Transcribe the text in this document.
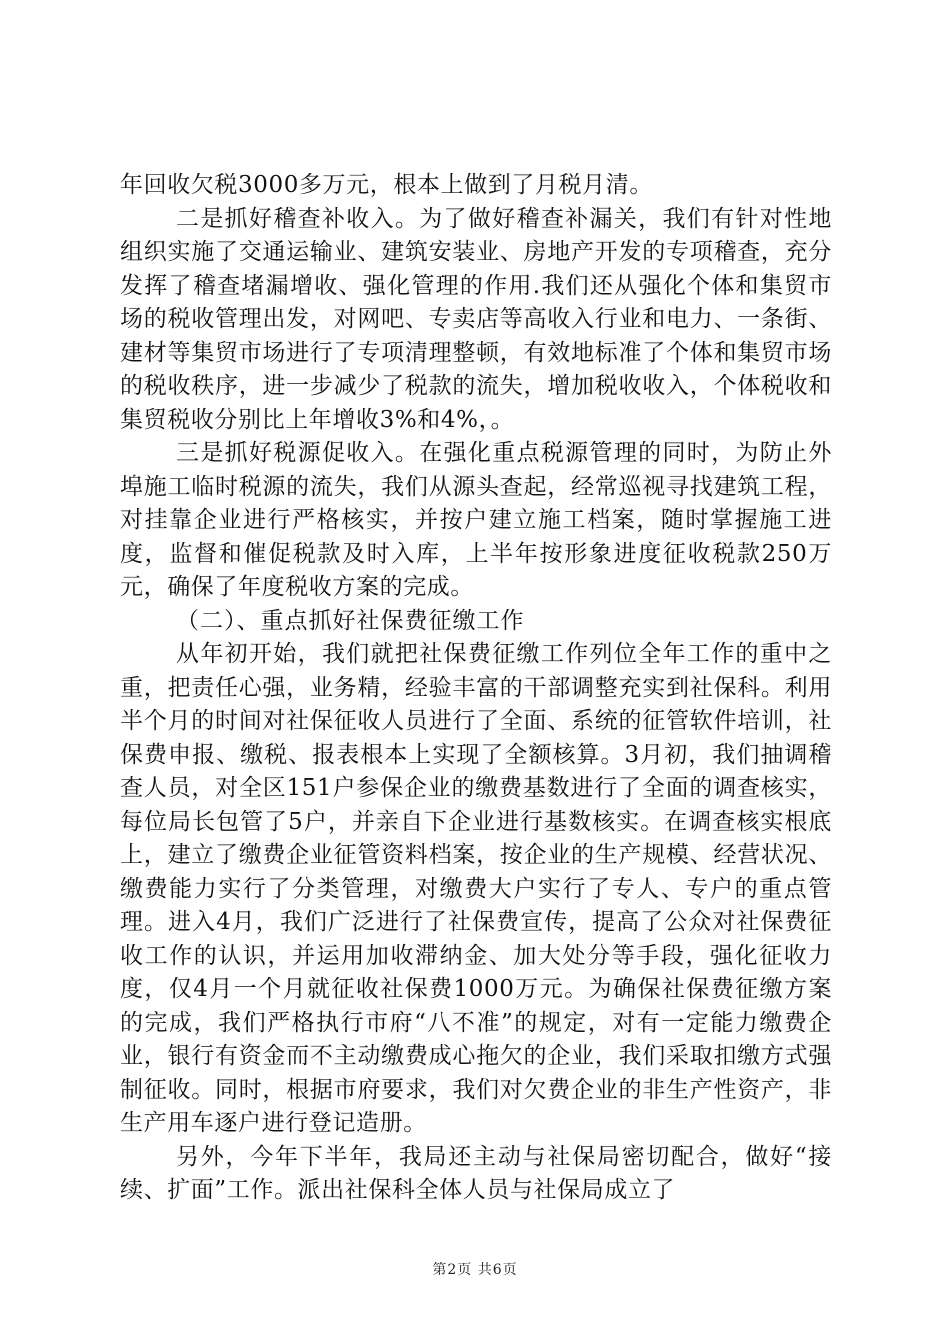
年回收欠税3000多万元，根本上做到了月税月清。

二是抓好稽查补收入。为了做好稽查补漏关，我们有针对性地组织实施了交通运输业、建筑安装业、房地产开发的专项稽查，充分发挥了稽查堵漏增收、强化管理的作用.我们还从强化个体和集贸市场的税收管理出发，对网吧、专卖店等高收入行业和电力、一条街、建材等集贸市场进行了专项清理整顿，有效地标准了个体和集贸市场的税收秩序，进一步减少了税款的流失，增加税收收入，个体税收和集贸税收分别比上年增收3%和4%，。

三是抓好税源促收入。在强化重点税源管理的同时，为防止外埠施工临时税源的流失，我们从源头查起，经常巡视寻找建筑工程，对挂靠企业进行严格核实，并按户建立施工档案，随时掌握施工进度，监督和催促税款及时入库，上半年按形象进度征收税款250万元，确保了年度税收方案的完成。

（二）、重点抓好社保费征缴工作

从年初开始，我们就把社保费征缴工作列位全年工作的重中之重，把责任心强，业务精，经验丰富的干部调整充实到社保科。利用半个月的时间对社保征收人员进行了全面、系统的征管软件培训，社保费申报、缴税、报表根本上实现了全额核算。3月初，我们抽调稽查人员，对全区151户参保企业的缴费基数进行了全面的调查核实，每位局长包管了5户，并亲自下企业进行基数核实。在调查核实根底上，建立了缴费企业征管资料档案，按企业的生产规模、经营状况、缴费能力实行了分类管理，对缴费大户实行了专人、专户的重点管理。进入4月，我们广泛进行了社保费宣传，提高了公众对社保费征收工作的认识，并运用加收滞纳金、加大处分等手段，强化征收力度，仅4月一个月就征收社保费1000万元。为确保社保费征缴方案的完成，我们严格执行市府“八不准”的规定，对有一定能力缴费企业，银行有资金而不主动缴费成心拖欠的企业，我们采取扣缴方式强制征收。同时，根据市府要求，我们对欠费企业的非生产性资产，非生产用车逐户进行登记造册。

另外，今年下半年，我局还主动与社保局密切配合，做好“接续、扩面”工作。派出社保科全体人员与社保局成立了

第2页 共6页
